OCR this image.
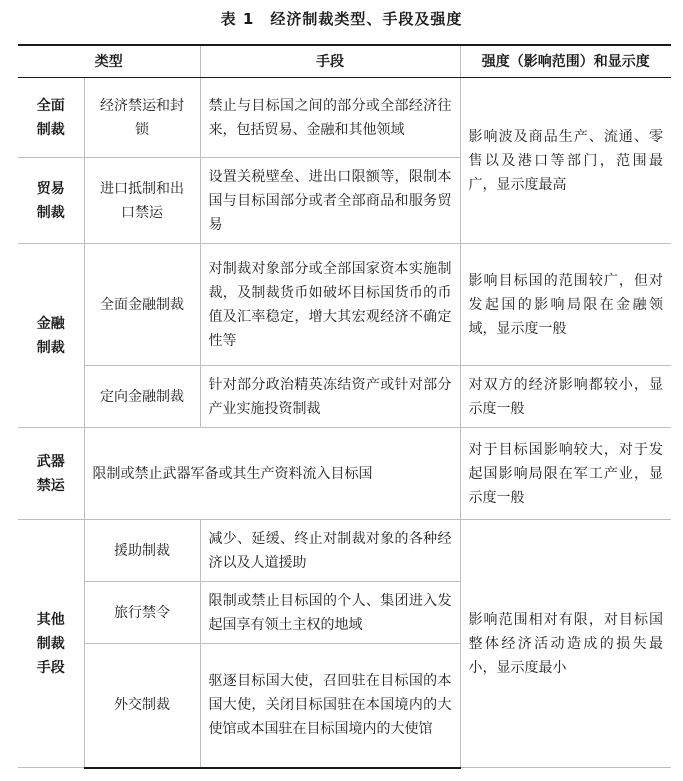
表 1 经济制裁类型、手段及强度
类型		手段	强度（影响范围）和显示度
全面制裁	经济禁运和封锁	禁止与目标国之间的部分或全部经济往来，包括贸易、金融和其他领域	影响波及商品生产、流通、零售以及港口等部门，范围最广，显示度最高
贸易制裁	进口抵制和出口禁运	设置关税壁垒、进出口限额等，限制本国与目标国部分或者全部商品和服务贸易	
金融制裁	全面金融制裁	对制裁对象部分或全部国家资本实施制裁，及制裁货币如破坏目标国货币的币值及汇率稳定，增大其宏观经济不确定性等	影响目标国的范围较广，但对发起国的影响局限在金融领域，显示度一般
	定向金融制裁	针对部分政治精英冻结资产或针对部分产业实施投资制裁	对双方的经济影响都较小，显示度一般
武器禁运	限制或禁止武器军备或其生产资料流入目标国		对于目标国影响较大，对于发起国影响局限在军工产业，显示度一般
其他制裁手段	援助制裁	减少、延缓、终止对制裁对象的各种经济以及人道援助	影响范围相对有限，对目标国整体经济活动造成的损失最小，显示度最小
	旅行禁令	限制或禁止目标国的个人、集团进入发起国享有领土主权的地域	
	外交制裁	驱逐目标国大使，召回驻在目标国的本国大使，关闭目标国驻在本国境内的大使馆或本国驻在目标国境内的大使馆	
